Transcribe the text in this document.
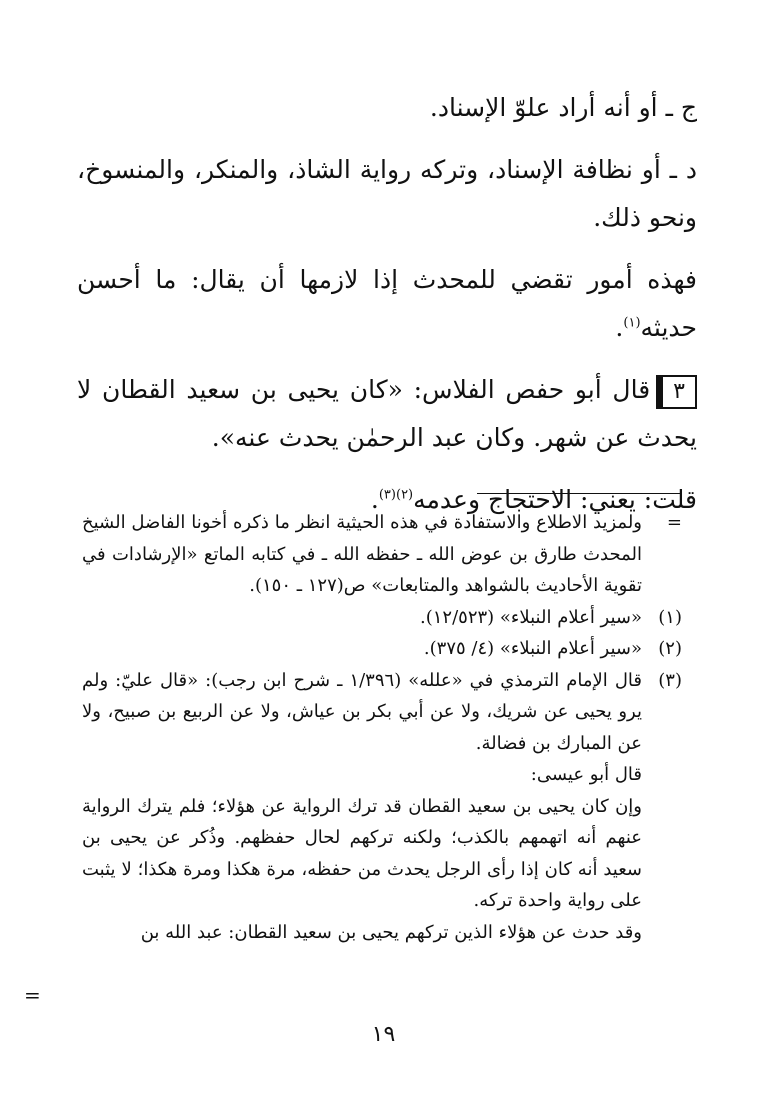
ج ـ أو أنه أراد علوّ الإسناد.

د ـ أو نظافة الإسناد، وتركه رواية الشاذ، والمنكر، والمنسوخ، ونحو ذلك.

فهذه أمور تقضي للمحدث إذا لازمها أن يقال: ما أحسن حديثه$^{(١)}$.

٣قال أبو حفص الفلاس: «كان يحيى بن سعيد القطان لا يحدث عن شهر. وكان عبد الرحمٰن يحدث عنه».

قلت: يعني: الاحتجاج وعدمه$^{(٢)(٣)}$.

=
ولمزيد الاطلاع والاستفادة في هذه الحيثية انظر ما ذكره أخونا الفاضل الشيخ المحدث طارق بن عوض الله ـ حفظه الله ـ في كتابه الماتع «الإرشادات في تقوية الأحاديث بالشواهد والمتابعات» ص(١٢٧ ـ ١٥٠).
(١)
«سير أعلام النبلاء» (١٢/٥٢٣).
(٢)
«سير أعلام النبلاء» (٤/ ٣٧٥).
(٣)

قال الإمام الترمذي في «علله» (١/٣٩٦ ـ شرح ابن رجب): «قال عليّ: ولم يرو يحيى عن شريك، ولا عن أبي بكر بن عياش، ولا عن الربيع بن صبيح، ولا عن المبارك بن فضالة.

قال أبو عيسى:

وإن كان يحيى بن سعيد القطان قد ترك الرواية عن هؤلاء؛ فلم يترك الرواية عنهم أنه اتهمهم بالكذب؛ ولكنه تركهم لحال حفظهم. وذُكر عن يحيى بن سعيد أنه كان إذا رأى الرجل يحدث من حفظه، مرة هكذا ومرة هكذا؛ لا يثبت على رواية واحدة تركه.

وقد حدث عن هؤلاء الذين تركهم يحيى بن سعيد القطان: عبد الله بن

=
١٩
